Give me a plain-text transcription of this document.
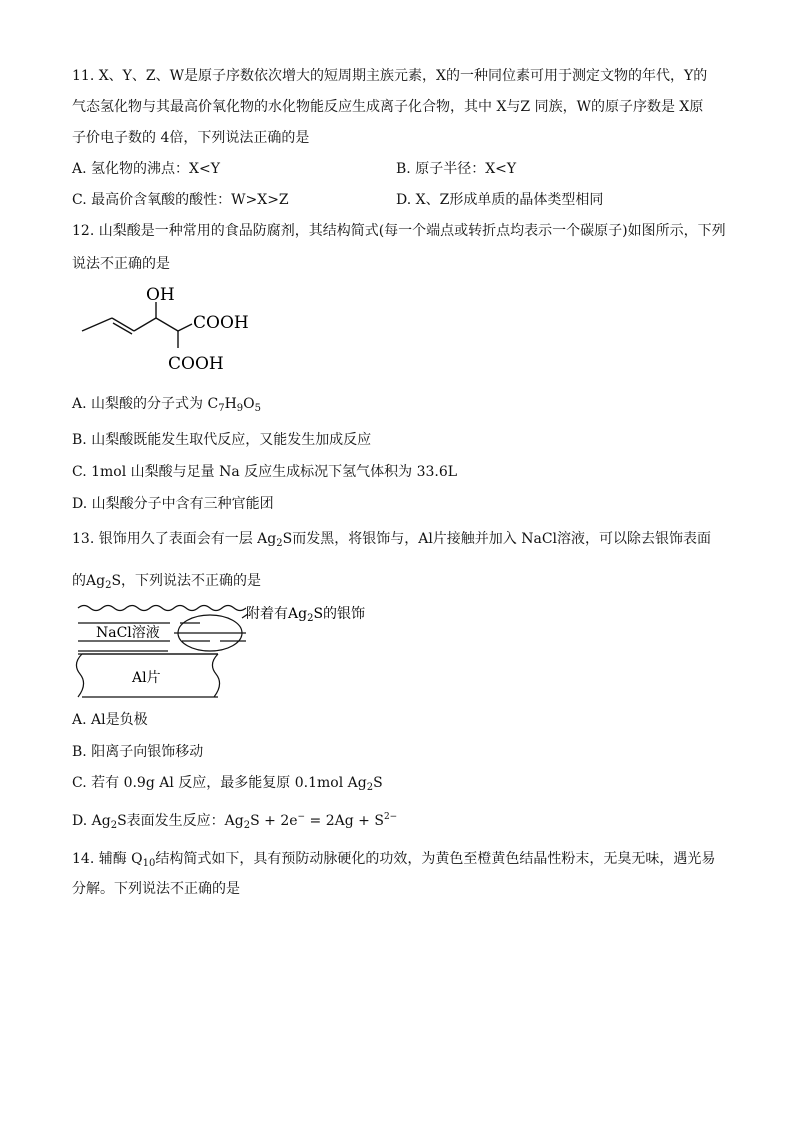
11. X、Y、Z、W是原子序数依次增大的短周期主族元素，X的一种同位素可用于测定文物的年代，Y的
气态氢化物与其最高价氧化物的水化物能反应生成离子化合物，其中 X与Z 同族，W的原子序数是 X原
子价电子数的 4倍，下列说法正确的是
A. 氢化物的沸点：X<Y	B. 原子半径：X<Y
C. 最高价含氧酸的酸性：W>X>Z	D. X、Z形成单质的晶体类型相同
12. 山梨酸是一种常用的食品防腐剂，其结构简式(每一个端点或转折点均表示一个碳原子)如图所示，下列
说法不正确的是
OH
COOH
COOH
A. 山梨酸的分子式为 $C_7H_9O_5$
B. 山梨酸既能发生取代反应，又能发生加成反应
C. 1mol 山梨酸与足量 Na 反应生成标况下氢气体积为 33.6L
D. 山梨酸分子中含有三种官能团
13. 银饰用久了表面会有一层 $Ag_2S$而发黑，将银饰与，Al片接触并加入 NaCl溶液，可以除去银饰表面
的$Ag_2S$，下列说法不正确的是
NaCl溶液
Al片
附着有$Ag_2S$的银饰
A. Al是负极
B. 阳离子向银饰移动
C. 若有 0.9g Al 反应，最多能复原 0.1mol $Ag_2S$
D. $Ag_2S$表面发生反应：$Ag_2S + 2e^- = 2Ag + S^{2-}$
14. 辅酶 $Q_{10}$结构简式如下，具有预防动脉硬化的功效，为黄色至橙黄色结晶性粉末，无臭无味，遇光易
分解。下列说法不正确的是
